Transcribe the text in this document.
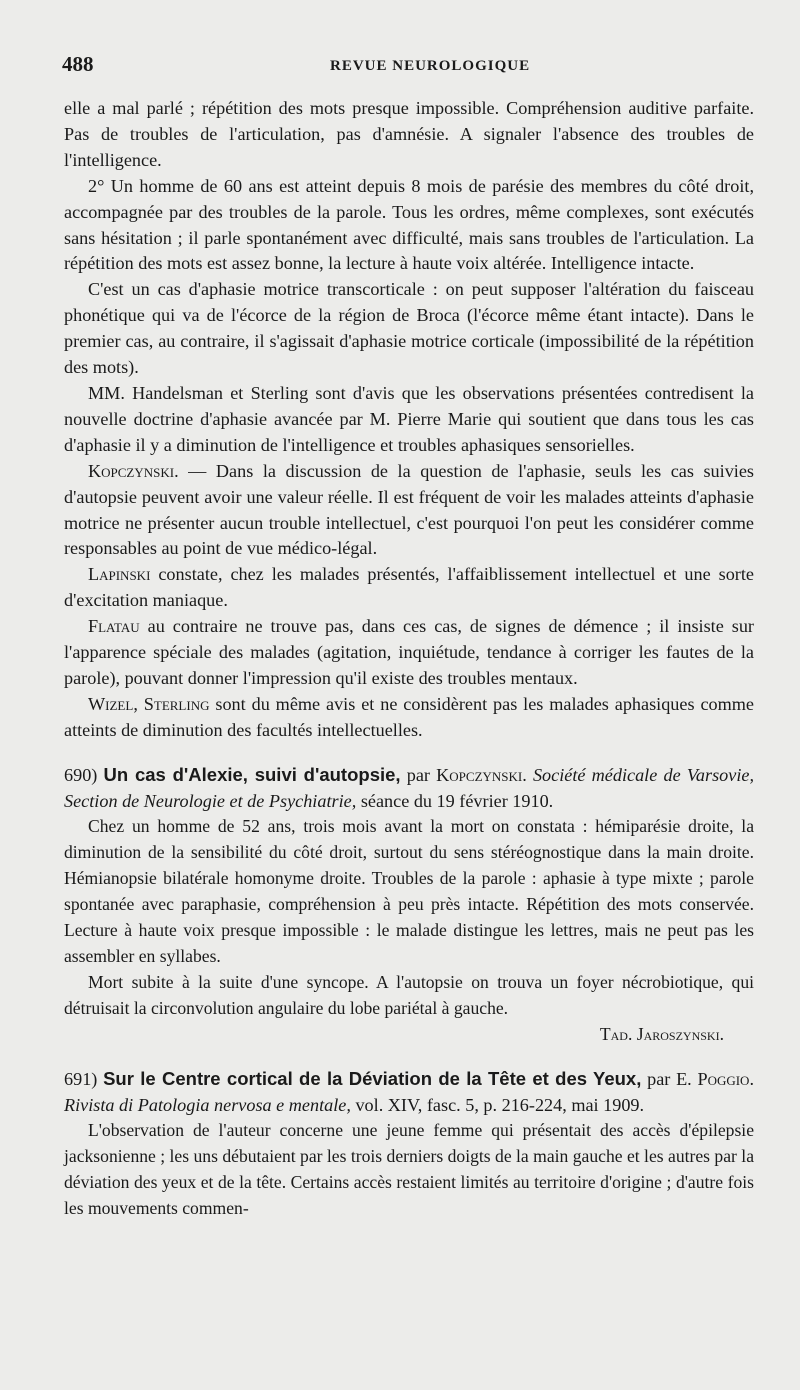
488	REVUE NEUROLOGIQUE

elle a mal parlé ; répétition des mots presque impossible. Compréhension auditive parfaite. Pas de troubles de l'articulation, pas d'amnésie. A signaler l'absence des troubles de l'intelligence.

2° Un homme de 60 ans est atteint depuis 8 mois de parésie des membres du côté droit, accompagnée par des troubles de la parole. Tous les ordres, même complexes, sont exécutés sans hésitation ; il parle spontanément avec difficulté, mais sans troubles de l'articulation. La répétition des mots est assez bonne, la lecture à haute voix altérée. Intelligence intacte.

C'est un cas d'aphasie motrice transcorticale : on peut supposer l'altération du faisceau phonétique qui va de l'écorce de la région de Broca (l'écorce même étant intacte). Dans le premier cas, au contraire, il s'agissait d'aphasie motrice corticale (impossibilité de la répétition des mots).

MM. Handelsman et Sterling sont d'avis que les observations présentées contredisent la nouvelle doctrine d'aphasie avancée par M. Pierre Marie qui soutient que dans tous les cas d'aphasie il y a diminution de l'intelligence et troubles aphasiques sensorielles.

Kopczynski. — Dans la discussion de la question de l'aphasie, seuls les cas suivies d'autopsie peuvent avoir une valeur réelle. Il est fréquent de voir les malades atteints d'aphasie motrice ne présenter aucun trouble intellectuel, c'est pourquoi l'on peut les considérer comme responsables au point de vue médico-légal.

Lapinski constate, chez les malades présentés, l'affaiblissement intellectuel et une sorte d'excitation maniaque.

Flatau au contraire ne trouve pas, dans ces cas, de signes de démence ; il insiste sur l'apparence spéciale des malades (agitation, inquiétude, tendance à corriger les fautes de la parole), pouvant donner l'impression qu'il existe des troubles mentaux.

Wizel, Sterling sont du même avis et ne considèrent pas les malades aphasiques comme atteints de diminution des facultés intellectuelles.

690) Un cas d'Alexie, suivi d'autopsie, par Kopczynski. Société médicale de Varsovie, Section de Neurologie et de Psychiatrie, séance du 19 février 1910.

Chez un homme de 52 ans, trois mois avant la mort on constata : hémiparésie droite, la diminution de la sensibilité du côté droit, surtout du sens stéréognostique dans la main droite. Hémianopsie bilatérale homonyme droite. Troubles de la parole : aphasie à type mixte ; parole spontanée avec paraphasie, compréhension à peu près intacte. Répétition des mots conservée. Lecture à haute voix presque impossible : le malade distingue les lettres, mais ne peut pas les assembler en syllabes.

Mort subite à la suite d'une syncope. A l'autopsie on trouva un foyer nécrobiotique, qui détruisait la circonvolution angulaire du lobe pariétal à gauche.

Tad. Jaroszynski.

691) Sur le Centre cortical de la Déviation de la Tête et des Yeux, par E. Poggio. Rivista di Patologia nervosa e mentale, vol. XIV, fasc. 5, p. 216-224, mai 1909.

L'observation de l'auteur concerne une jeune femme qui présentait des accès d'épilepsie jacksonienne ; les uns débutaient par les trois derniers doigts de la main gauche et les autres par la déviation des yeux et de la tête. Certains accès restaient limités au territoire d'origine ; d'autre fois les mouvements commen-
